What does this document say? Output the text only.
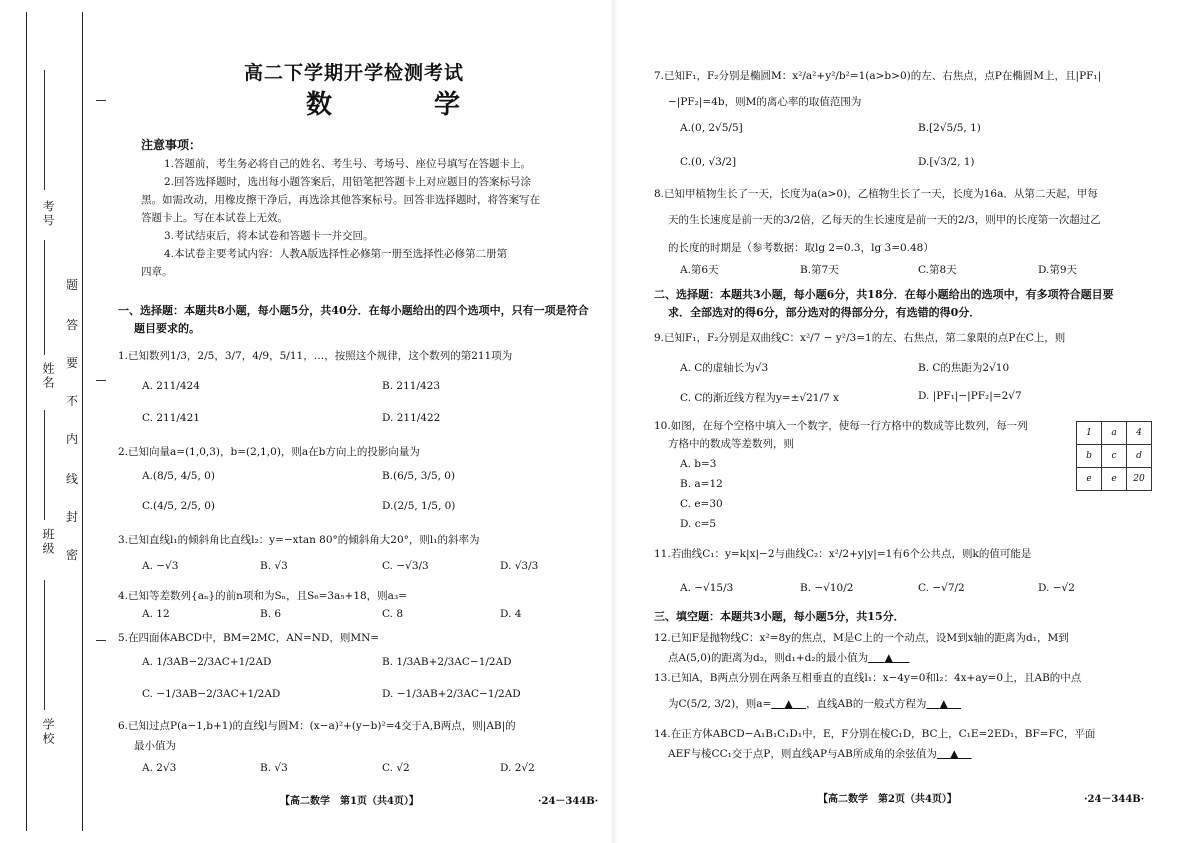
考号
姓名
班级
学校
题
答
要
不
内
线
封
密
高二下学期开学检测考试
数　学
注意事项：
1.答题前，考生务必将自己的姓名、考生号、考场号、座位号填写在答题卡上。
2.回答选择题时，选出每小题答案后，用铅笔把答题卡上对应题目的答案标号涂
黑。如需改动，用橡皮擦干净后，再选涂其他答案标号。回答非选择题时，将答案写在
答题卡上。写在本试卷上无效。
3.考试结束后，将本试卷和答题卡一并交回。
4.本试卷主要考试内容：人教A版选择性必修第一册至选择性必修第二册第
四章。
一、选择题：本题共8小题，每小题5分，共40分．在每小题给出的四个选项中，只有一项是符合
题目要求的。
1.已知数列1/3，2/5，3/7，4/9，5/11，…，按照这个规律，这个数列的第211项为
A. 211/424	B. 211/423
C. 211/421	D. 211/422
2.已知向量a=(1,0,3)，b=(2,1,0)，则a在b方向上的投影向量为
A.(8/5, 4/5, 0)	B.(6/5, 3/5, 0)
C.(4/5, 2/5, 0)	D.(2/5, 1/5, 0)
3.已知直线l₁的倾斜角比直线l₂：y=−xtan 80°的倾斜角大20°，则l₁的斜率为
A. −√3	B. √3	C. −√3/3	D. √3/3
4.已知等差数列{aₙ}的前n项和为Sₙ，且S₆=3a₅+18，则a₃=
A. 12	B. 6	C. 8	D. 4
5.在四面体ABCD中，BM=2MC，AN=ND，则MN=
A. 1/3AB−2/3AC+1/2AD	B. 1/3AB+2/3AC−1/2AD
C. −1/3AB−2/3AC+1/2AD	D. −1/3AB+2/3AC−1/2AD
6.已知过点P(a−1,b+1)的直线l与圆M：(x−a)²+(y−b)²=4交于A,B两点，则|AB|的
最小值为
A. 2√3	B. √3	C. √2	D. 2√2
【高二数学　第1页（共4页）】	·24－344B·
7.已知F₁，F₂分别是椭圆M：x²/a²+y²/b²=1(a>b>0)的左、右焦点，点P在椭圆M上，且|PF₁|
−|PF₂|=4b，则M的离心率的取值范围为
A.(0, 2√5/5]	B.[2√5/5, 1)
C.(0, √3/2]	D.[√3/2, 1)
8.已知甲植物生长了一天，长度为a(a>0)，乙植物生长了一天，长度为16a．从第二天起，甲每
天的生长速度是前一天的3/2倍，乙每天的生长速度是前一天的2/3，则甲的长度第一次超过乙
的长度的时期是（参考数据：取lg 2=0.3，lg 3=0.48）
A.第6天	B.第7天	C.第8天	D.第9天
二、选择题：本题共3小题，每小题6分，共18分．在每小题给出的选项中，有多项符合题目要
求．全部选对的得6分，部分选对的得部分分，有选错的得0分．
9.已知F₁，F₂分别是双曲线C：x²/7 − y²/3=1的左、右焦点，第二象限的点P在C上，则
A. C的虚轴长为√3	B. C的焦距为2√10
C. C的渐近线方程为y=±√21/7 x	D. |PF₁|−|PF₂|=2√7
10.如图，在每个空格中填入一个数字，使每一行方格中的数成等比数列，每一列
方格中的数成等差数列，则
A. b=3
B. a=12
C. e=30
D. c=5
11.若曲线C₁：y=k|x|−2与曲线C₂：x²/2+y|y|=1有6个公共点，则k的值可能是
A. −√15/3	B. −√10/2	C. −√7/2	D. −√2
三、填空题：本题共3小题，每小题5分，共15分．
12.已知F是抛物线C：x²=8y的焦点，M是C上的一个动点，设M到x轴的距离为d₁，M到
点A(5,0)的距离为d₂，则d₁+d₂的最小值为 ▲
13.已知A，B两点分别在两条互相垂直的直线l₁：x−4y=0和l₂：4x+ay=0上，且AB的中点
为C(5/2, 3/2)，则a= ▲ ，直线AB的一般式方程为 ▲
14.在正方体ABCD−A₁B₁C₁D₁中，E，F分别在棱C₁D，BC上，C₁E=2ED₁，BF=FC，平面
AEF与棱CC₁交于点P，则直线AP与AB所成角的余弦值为 ▲
【高二数学　第2页（共4页）】	·24－344B·
1	a	4
b	c	d
e	e	20
